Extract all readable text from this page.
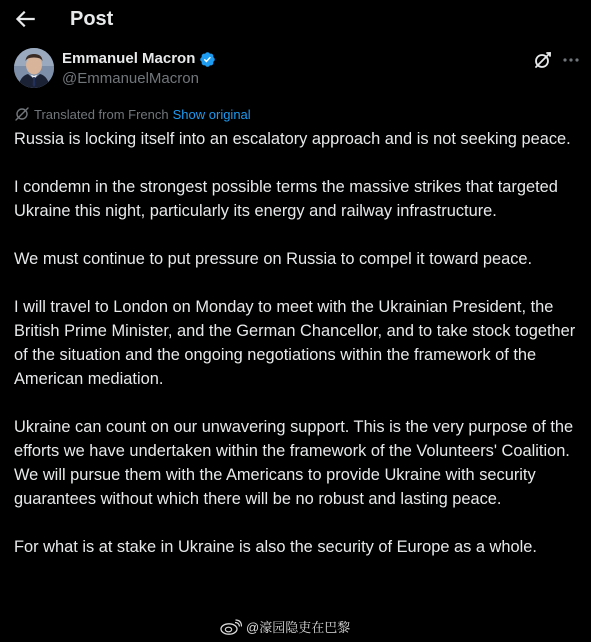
Post
Emmanuel Macron
@EmmanuelMacron
Translated from French Show original

Russia is locking itself into an escalatory approach and is not seeking peace.

I condemn in the strongest possible terms the massive strikes that targeted Ukraine this night, particularly its energy and railway infrastructure.

We must continue to put pressure on Russia to compel it toward peace.

I will travel to London on Monday to meet with the Ukrainian President, the British Prime Minister, and the German Chancellor, and to take stock together of the situation and the ongoing negotiations within the framework of the American mediation.

Ukraine can count on our unwavering support. This is the very purpose of the efforts we have undertaken within the framework of the Volunteers' Coalition. We will pursue them with the Americans to provide Ukraine with security guarantees without which there will be no robust and lasting peace.

For what is at stake in Ukraine is also the security of Europe as a whole.

@濠园隐吏在巴黎
